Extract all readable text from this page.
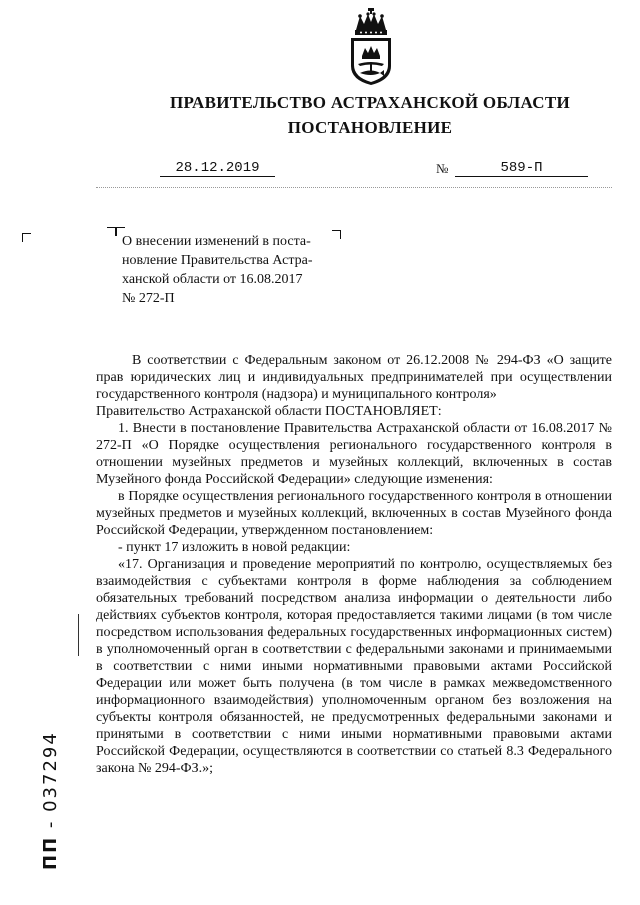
ПРАВИТЕЛЬСТВО АСТРАХАНСКОЙ ОБЛАСТИ
ПОСТАНОВЛЕНИЕ
28.12.2019	№	589-П
О внесении изменений в поста-
новление Правительства Астра-
ханской области от 16.08.2017
№ 272-П

В соответствии с Федеральным законом от 26.12.2008 № 294-ФЗ «О защите прав юридических лиц и индивидуальных предпринимателей при осуществлении государственного контроля (надзора) и муниципального контроля»

Правительство Астраханской области ПОСТАНОВЛЯЕТ:

1. Внести в постановление Правительства Астраханской области от 16.08.2017 № 272-П «О Порядке осуществления регионального государственного контроля в отношении музейных предметов и музейных коллекций, включенных в состав Музейного фонда Российской Федерации» следующие изменения:

в Порядке осуществления регионального государственного контроля в отношении музейных предметов и музейных коллекций, включенных в состав Музейного фонда Российской Федерации, утвержденном постановлением:

- пункт 17 изложить в новой редакции:

«17. Организация и проведение мероприятий по контролю, осуществляемых без взаимодействия с субъектами контроля в форме наблюдения за соблюдением обязательных требований посредством анализа информации о деятельности либо действиях субъектов контроля, которая предоставляется такими лицами (в том числе посредством использования федеральных государственных информационных систем) в уполномоченный орган в соответствии с федеральными законами и принимаемыми в соответствии с ними иными нормативными правовыми актами Российской Федерации или может быть получена (в том числе в рамках межведомственного информационного взаимодействия) уполномоченным органом без возложения на субъекты контроля обязанностей, не предусмотренных федеральными законами и принятыми в соответствии с ними иными нормативными правовыми актами Российской Федерации, осуществляются в соответствии со статьей 8.3 Федерального закона № 294-ФЗ.»;

ПП - 037294
